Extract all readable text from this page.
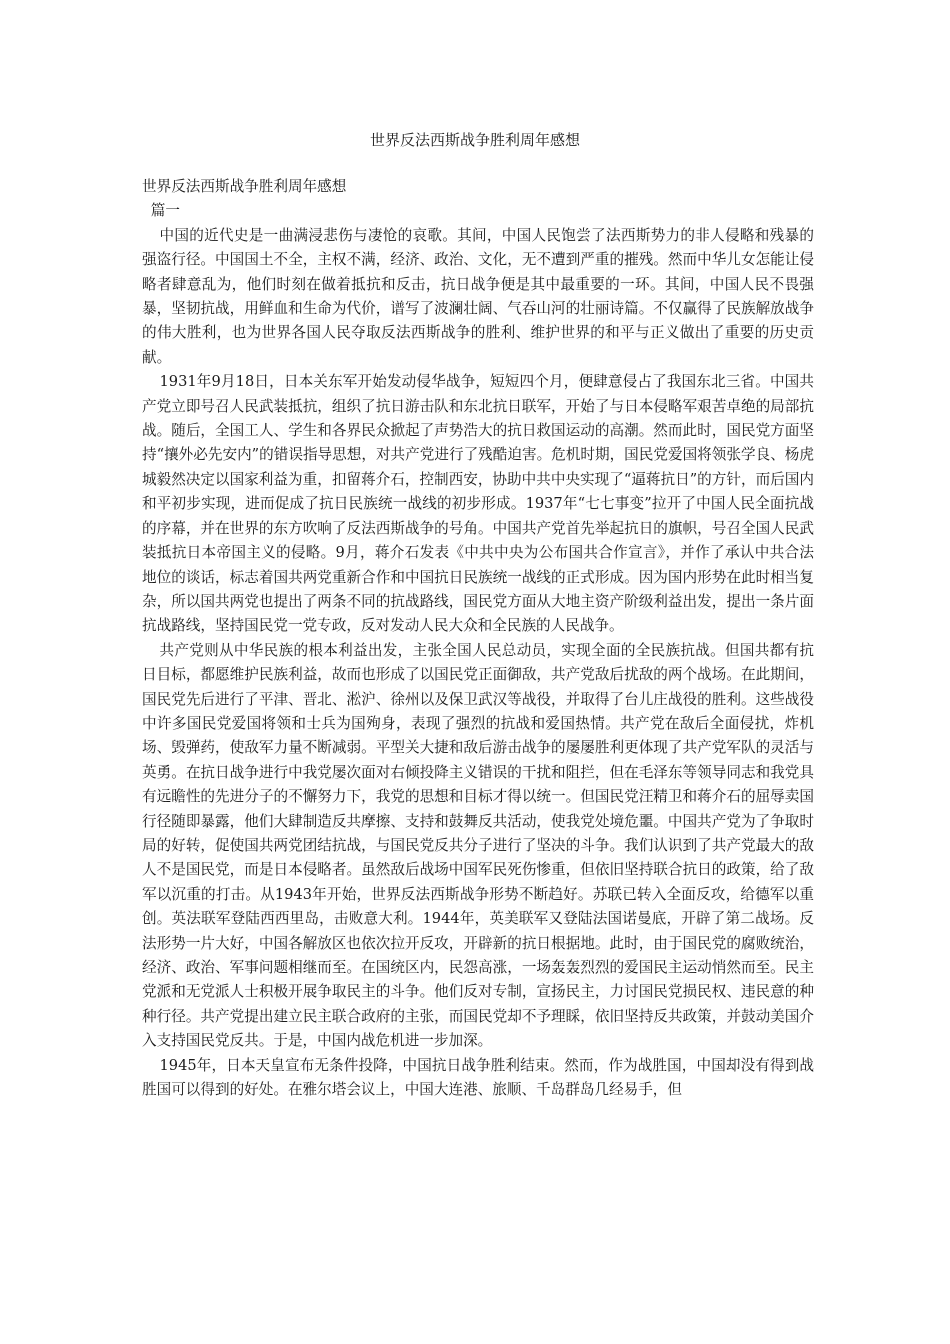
世界反法西斯战争胜利周年感想

世界反法西斯战争胜利周年感想

篇一

中国的近代史是一曲满浸悲伤与凄怆的哀歌。其间，中国人民饱尝了法西斯势力的非人侵略和残暴的强盗行径。中国国土不全，主权不满，经济、政治、文化，无不遭到严重的摧残。然而中华儿女怎能让侵略者肆意乱为，他们时刻在做着抵抗和反击，抗日战争便是其中最重要的一环。其间，中国人民不畏强暴，坚韧抗战，用鲜血和生命为代价，谱写了波澜壮阔、气吞山河的壮丽诗篇。不仅赢得了民族解放战争的伟大胜利，也为世界各国人民夺取反法西斯战争的胜利、维护世界的和平与正义做出了重要的历史贡献。

1931年9月18日，日本关东军开始发动侵华战争，短短四个月，便肆意侵占了我国东北三省。中国共产党立即号召人民武装抵抗，组织了抗日游击队和东北抗日联军，开始了与日本侵略军艰苦卓绝的局部抗战。随后，全国工人、学生和各界民众掀起了声势浩大的抗日救国运动的高潮。然而此时，国民党方面坚持“攘外必先安内”的错误指导思想，对共产党进行了残酷迫害。危机时期，国民党爱国将领张学良、杨虎城毅然决定以国家利益为重，扣留蒋介石，控制西安，协助中共中央实现了“逼蒋抗日”的方针，而后国内和平初步实现，进而促成了抗日民族统一战线的初步形成。1937年“七七事变”拉开了中国人民全面抗战的序幕，并在世界的东方吹响了反法西斯战争的号角。中国共产党首先举起抗日的旗帜，号召全国人民武装抵抗日本帝国主义的侵略。9月，蒋介石发表《中共中央为公布国共合作宣言》，并作了承认中共合法地位的谈话，标志着国共两党重新合作和中国抗日民族统一战线的正式形成。因为国内形势在此时相当复杂，所以国共两党也提出了两条不同的抗战路线，国民党方面从大地主资产阶级利益出发，提出一条片面抗战路线，坚持国民党一党专政，反对发动人民大众和全民族的人民战争。

共产党则从中华民族的根本利益出发，主张全国人民总动员，实现全面的全民族抗战。但国共都有抗日目标，都愿维护民族利益，故而也形成了以国民党正面御敌，共产党敌后扰敌的两个战场。在此期间，国民党先后进行了平津、晋北、淞沪、徐州以及保卫武汉等战役，并取得了台儿庄战役的胜利。这些战役中许多国民党爱国将领和士兵为国殉身，表现了强烈的抗战和爱国热情。共产党在敌后全面侵扰，炸机场、毁弹药，使敌军力量不断减弱。平型关大捷和敌后游击战争的屡屡胜利更体现了共产党军队的灵活与英勇。在抗日战争进行中我党屡次面对右倾投降主义错误的干扰和阻拦，但在毛泽东等领导同志和我党具有远瞻性的先进分子的不懈努力下，我党的思想和目标才得以统一。但国民党汪精卫和蒋介石的屈辱卖国行径随即暴露，他们大肆制造反共摩擦、支持和鼓舞反共活动，使我党处境危噩。中国共产党为了争取时局的好转，促使国共两党团结抗战，与国民党反共分子进行了坚决的斗争。我们认识到了共产党最大的敌人不是国民党，而是日本侵略者。虽然敌后战场中国军民死伤惨重，但依旧坚持联合抗日的政策，给了敌军以沉重的打击。从1943年开始，世界反法西斯战争形势不断趋好。苏联已转入全面反攻，给德军以重创。英法联军登陆西西里岛，击败意大利。1944年，英美联军又登陆法国诺曼底，开辟了第二战场。反法形势一片大好，中国各解放区也依次拉开反攻，开辟新的抗日根据地。此时，由于国民党的腐败统治，经济、政治、军事问题相继而至。在国统区内，民怨高涨，一场轰轰烈烈的爱国民主运动悄然而至。民主党派和无党派人士积极开展争取民主的斗争。他们反对专制，宣扬民主，力讨国民党损民权、违民意的种种行径。共产党提出建立民主联合政府的主张，而国民党却不予理睬，依旧坚持反共政策，并鼓动美国介入支持国民党反共。于是，中国内战危机进一步加深。

1945年，日本天皇宣布无条件投降，中国抗日战争胜利结束。然而，作为战胜国，中国却没有得到战胜国可以得到的好处。在雅尔塔会议上，中国大连港、旅顺、千岛群岛几经易手，但
